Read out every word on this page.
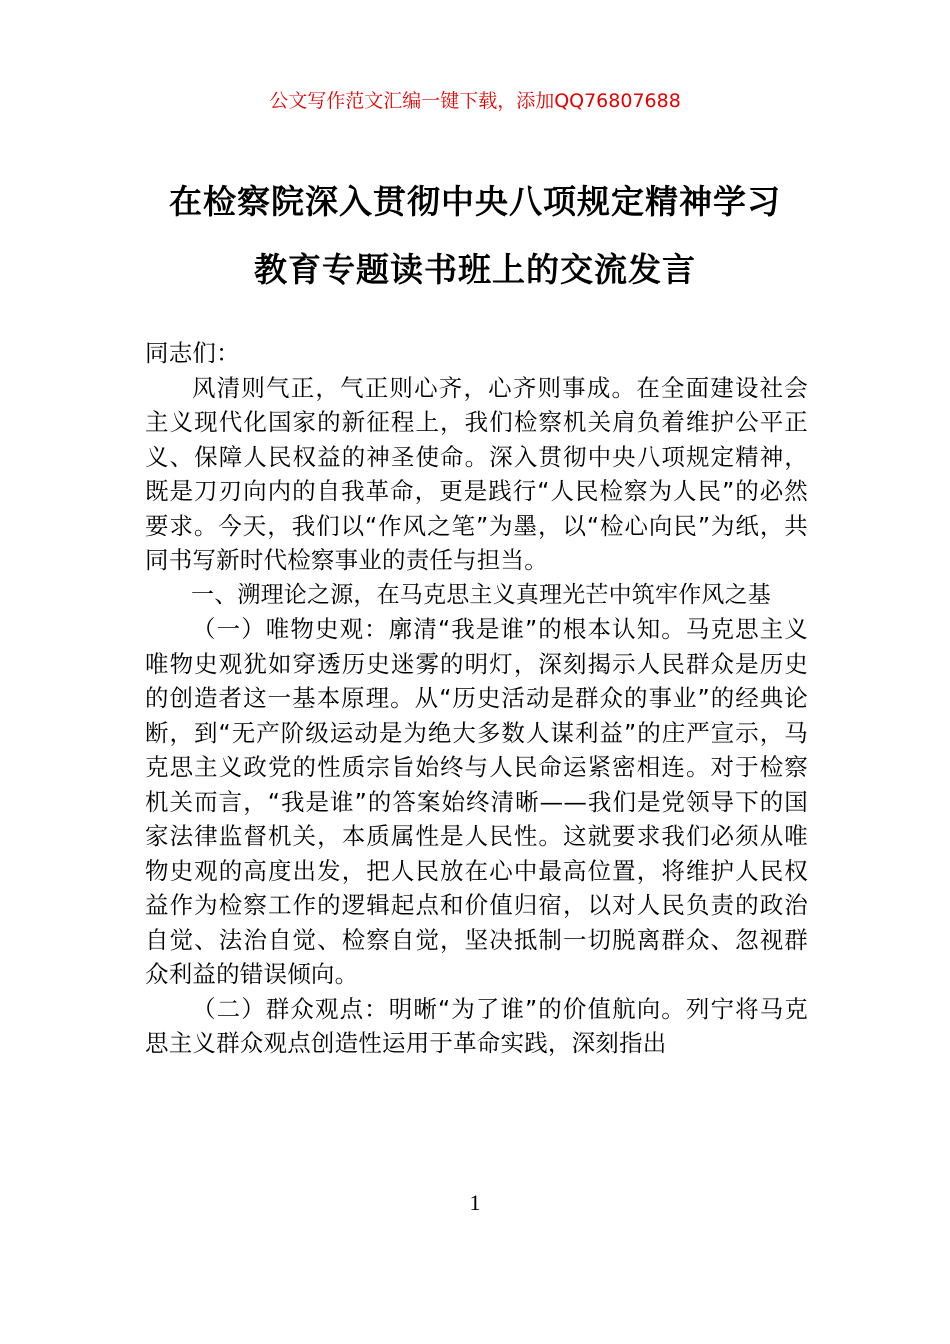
公文写作范文汇编一键下载，添加QQ76807688
在检察院深入贯彻中央八项规定精神学习
教育专题读书班上的交流发言

同志们：

风清则气正，气正则心齐，心齐则事成。在全面建设社会主义现代化国家的新征程上，我们检察机关肩负着维护公平正义、保障人民权益的神圣使命。深入贯彻中央八项规定精神，既是刀刃向内的自我革命，更是践行“人民检察为人民”的必然要求。今天，我们以“作风之笔”为墨，以“检心向民”为纸，共同书写新时代检察事业的责任与担当。

一、溯理论之源，在马克思主义真理光芒中筑牢作风之基

（一）唯物史观：廓清“我是谁”的根本认知。马克思主义唯物史观犹如穿透历史迷雾的明灯，深刻揭示人民群众是历史的创造者这一基本原理。从“历史活动是群众的事业”的经典论断，到“无产阶级运动是为绝大多数人谋利益”的庄严宣示，马克思主义政党的性质宗旨始终与人民命运紧密相连。对于检察机关而言，“我是谁”的答案始终清晰——我们是党领导下的国家法律监督机关，本质属性是人民性。这就要求我们必须从唯物史观的高度出发，把人民放在心中最高位置，将维护人民权益作为检察工作的逻辑起点和价值归宿，以对人民负责的政治自觉、法治自觉、检察自觉，坚决抵制一切脱离群众、忽视群众利益的错误倾向。

（二）群众观点：明晰“为了谁”的价值航向。列宁将马克思主义群众观点创造性运用于革命实践，深刻指出

1
